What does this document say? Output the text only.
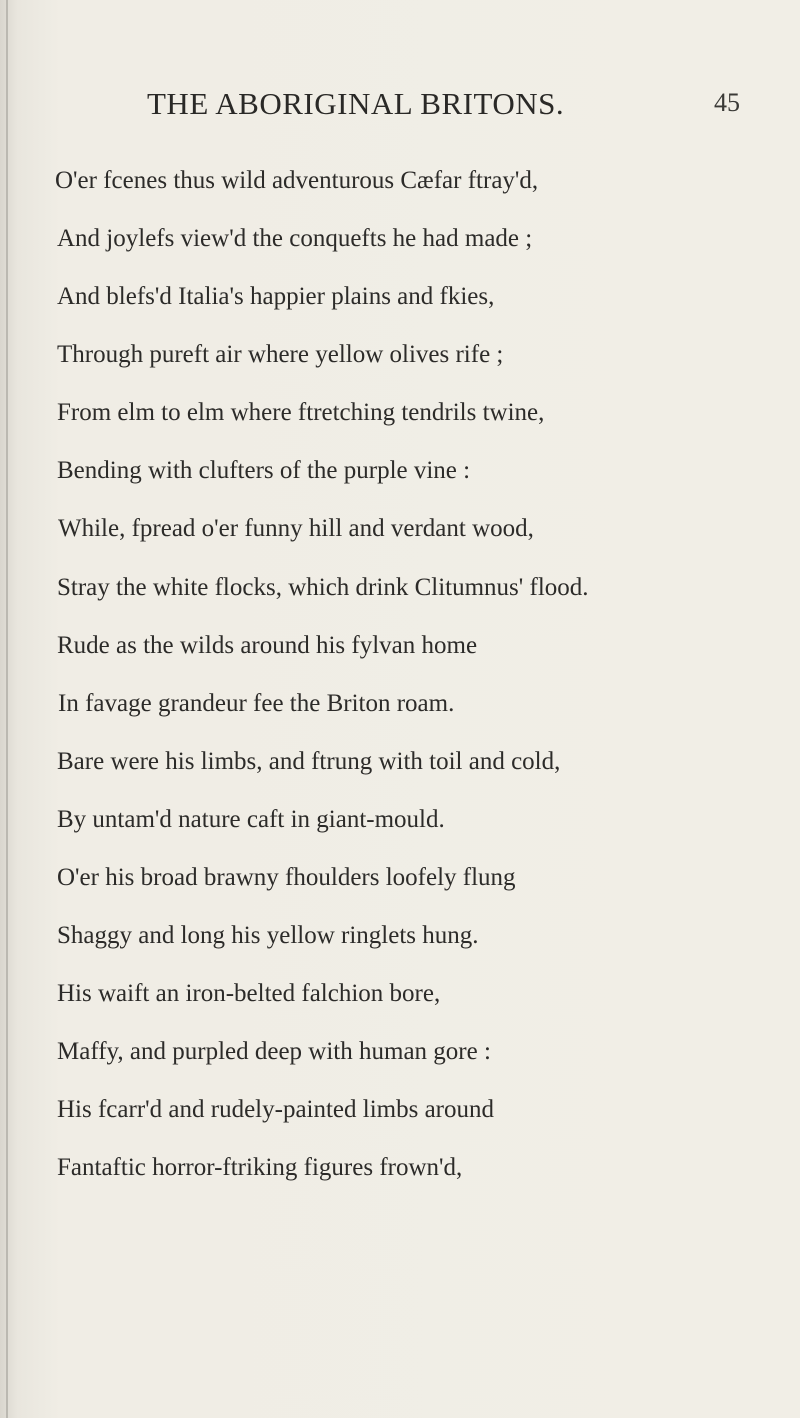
THE ABORIGINAL BRITONS.	45
O'er fcenes thus wild adventurous Cæfar ftray'd,
And joylefs view'd the conquefts he had made ;
And blefs'd Italia's happier plains and fkies,
Through pureft air where yellow olives rife ;
From elm to elm where ftretching tendrils twine,
Bending with clufters of the purple vine :
While, fpread o'er funny hill and verdant wood,
Stray the white flocks, which drink Clitumnus' flood.
Rude as the wilds around his fylvan home
In favage grandeur fee the Briton roam.
Bare were his limbs, and ftrung with toil and cold,
By untam'd nature caft in giant-mould.
O'er his broad brawny fhoulders loofely flung
Shaggy and long his yellow ringlets hung.
His waift an iron-belted falchion bore,
Maffy, and purpled deep with human gore :
His fcarr'd and rudely-painted limbs around
Fantaftic horror-ftriking figures frown'd,
